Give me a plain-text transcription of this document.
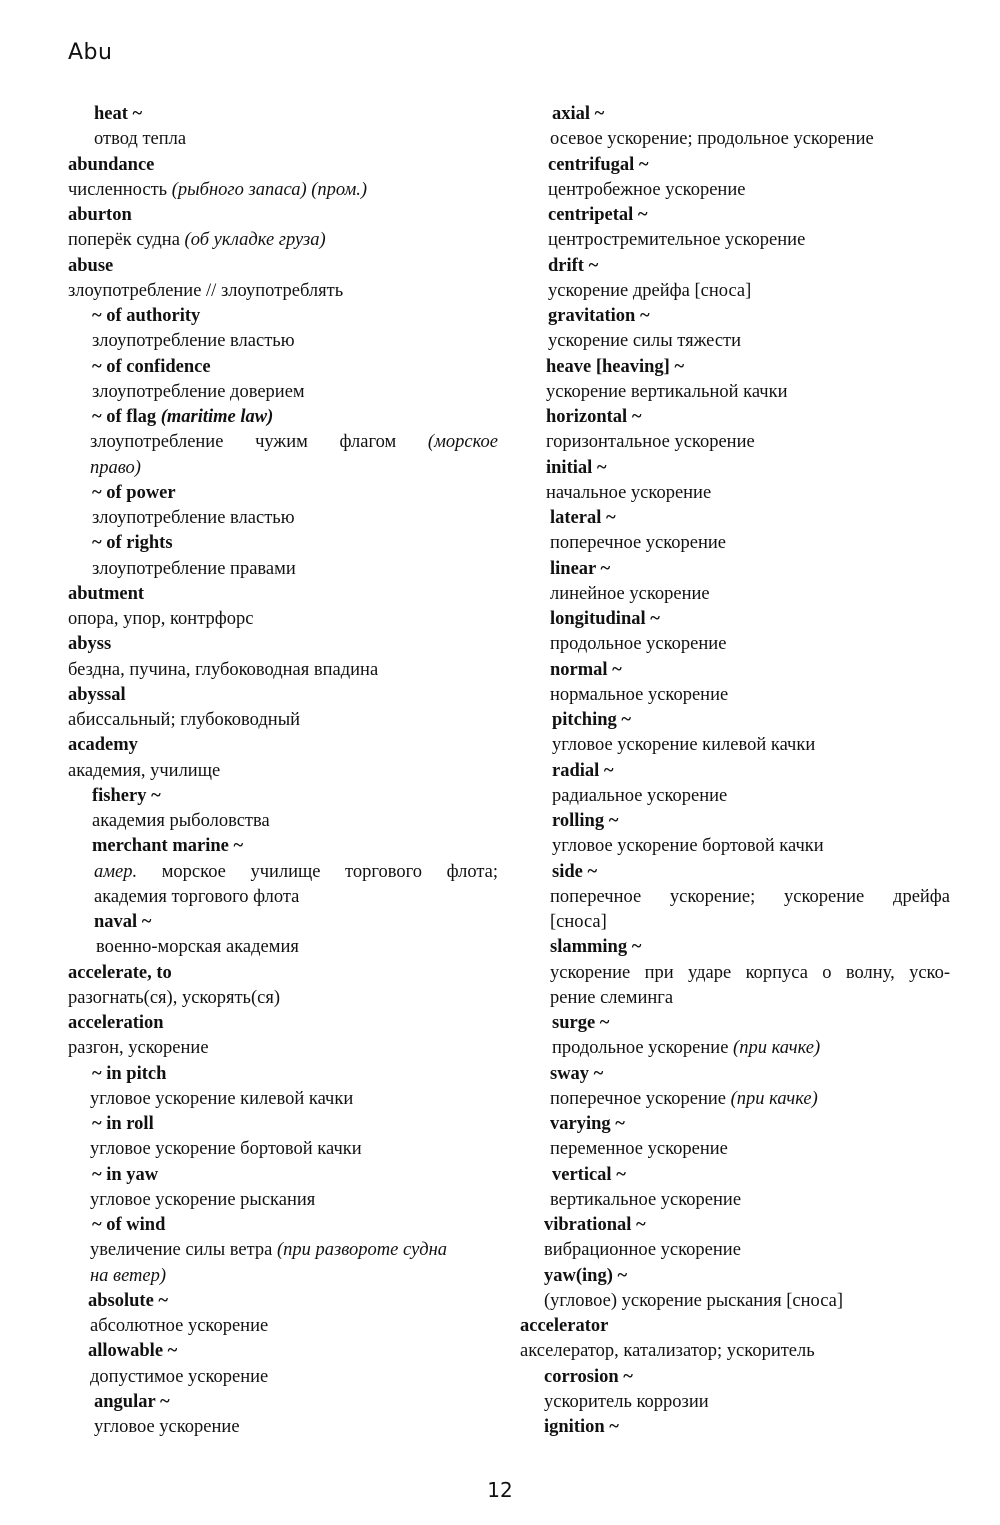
Abu
heat ~
отвод тепла
abundance
численность (рыбного запаса) (пром.)
aburton
поперёк судна (об укладке груза)
abuse
злоупотребление // злоупотреблять
~ of authority
злоупотребление властью
~ of confidence
злоупотребление доверием
~ of flag (maritime law)
злоупотребление чужим флагом (морское
право)
~ of power
злоупотребление властью
~ of rights
злоупотребление правами
abutment
опора, упор, контрфорс
abyss
бездна, пучина, глубоководная впадина
abyssal
абиссальный; глубоководный
academy
академия, училище
fishery ~
академия рыболовства
merchant marine ~
амер. морское училище торгового флота;
академия торгового флота
naval ~
военно-морская академия
accelerate, to
разогнать(ся), ускорять(ся)
acceleration
разгон, ускорение
~ in pitch
угловое ускорение килевой качки
~ in roll
угловое ускорение бортовой качки
~ in yaw
угловое ускорение рыскания
~ of wind
увеличение силы ветра (при развороте судна
на ветер)
absolute ~
абсолютное ускорение
allowable ~
допустимое ускорение
angular ~
угловое ускорение
axial ~
осевое ускорение; продольное ускорение
centrifugal ~
центробежное ускорение
centripetal ~
центростремительное ускорение
drift ~
ускорение дрейфа [сноса]
gravitation ~
ускорение силы тяжести
heave [heaving] ~
ускорение вертикальной качки
horizontal ~
горизонтальное ускорение
initial ~
начальное ускорение
lateral ~
поперечное ускорение
linear ~
линейное ускорение
longitudinal ~
продольное ускорение
normal ~
нормальное ускорение
pitching ~
угловое ускорение килевой качки
radial ~
радиальное ускорение
rolling ~
угловое ускорение бортовой качки
side ~
поперечное ускорение; ускорение дрейфа
[сноса]
slamming ~
ускорение при ударе корпуса о волну, уско-
рение слеминга
surge ~
продольное ускорение (при качке)
sway ~
поперечное ускорение (при качке)
varying ~
переменное ускорение
vertical ~
вертикальное ускорение
vibrational ~
вибрационное ускорение
yaw(ing) ~
(угловое) ускорение рыскания [сноса]
accelerator
акселератор, катализатор; ускоритель
corrosion ~
ускоритель коррозии
ignition ~
12
